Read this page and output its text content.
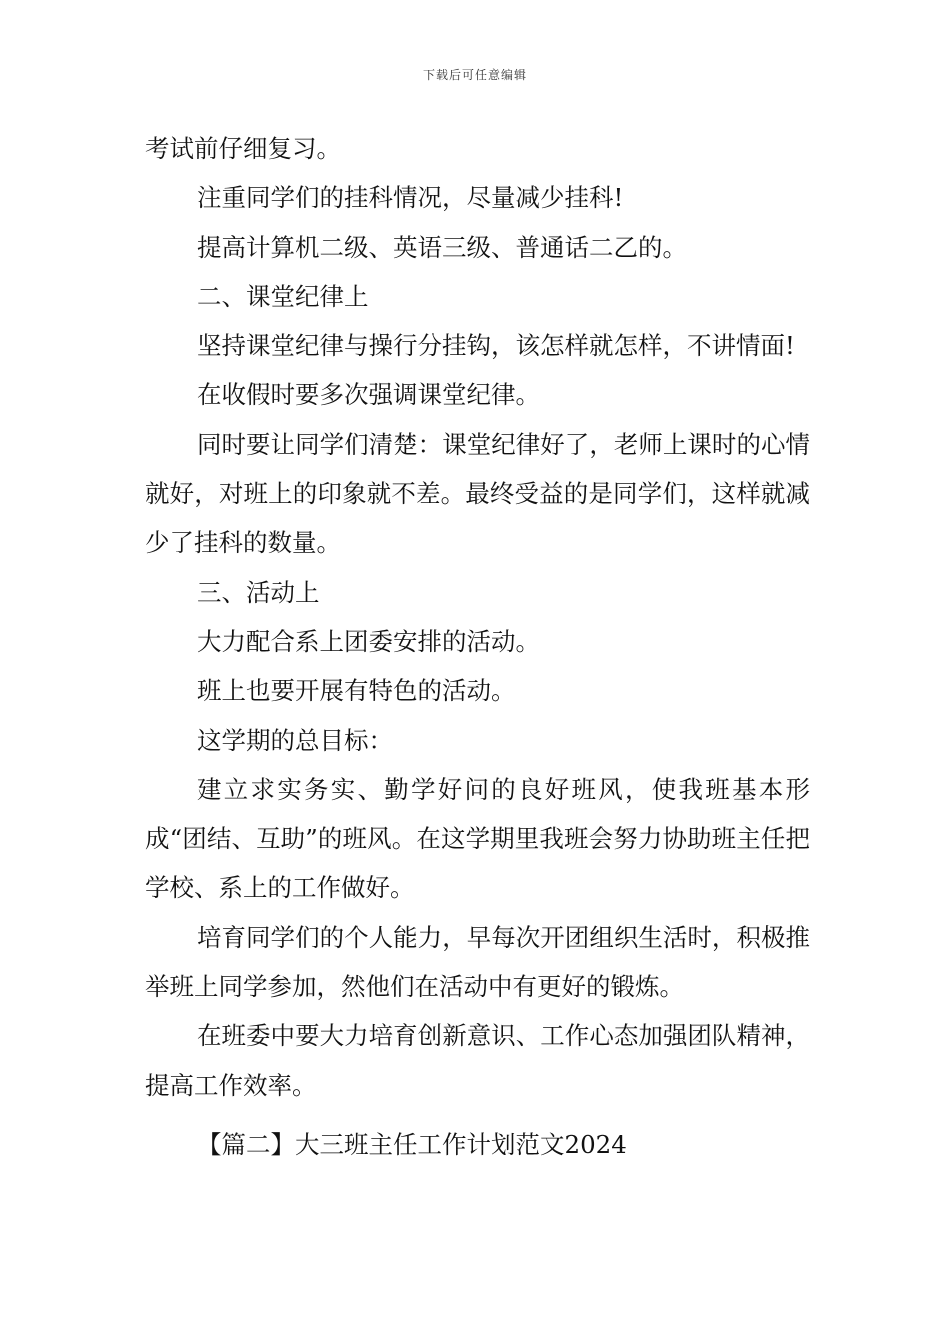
下载后可任意编辑

考试前仔细复习。

注重同学们的挂科情况，尽量减少挂科!

提高计算机二级、英语三级、普通话二乙的。

二、课堂纪律上

坚持课堂纪律与操行分挂钩，该怎样就怎样，不讲情面!

在收假时要多次强调课堂纪律。

同时要让同学们清楚：课堂纪律好了，老师上课时的心情就好，对班上的印象就不差。最终受益的是同学们，这样就减少了挂科的数量。

三、活动上

大力配合系上团委安排的活动。

班上也要开展有特色的活动。

这学期的总目标：

建立求实务实、勤学好问的良好班风，使我班基本形成“团结、互助”的班风。在这学期里我班会努力协助班主任把学校、系上的工作做好。

培育同学们的个人能力，早每次开团组织生活时，积极推举班上同学参加，然他们在活动中有更好的锻炼。

在班委中要大力培育创新意识、工作心态加强团队精神，提高工作效率。

【篇二】大三班主任工作计划范文2024
